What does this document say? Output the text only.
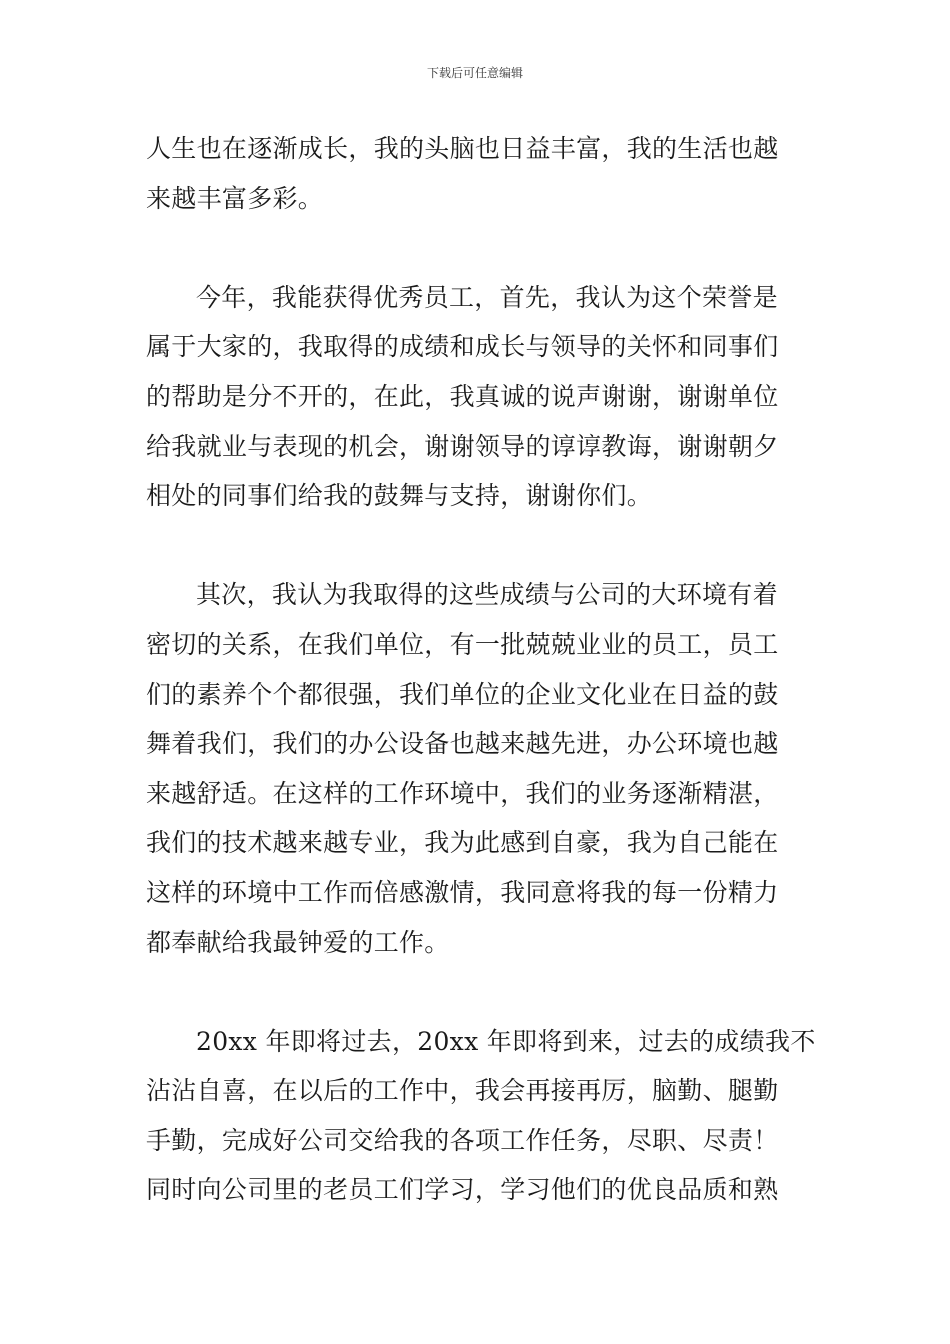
下载后可任意编辑
人生也在逐渐成长，我的头脑也日益丰富，我的生活也越
来越丰富多彩。
今年，我能获得优秀员工，首先，我认为这个荣誉是
属于大家的，我取得的成绩和成长与领导的关怀和同事们
的帮助是分不开的，在此，我真诚的说声谢谢，谢谢单位
给我就业与表现的机会，谢谢领导的谆谆教诲，谢谢朝夕
相处的同事们给我的鼓舞与支持，谢谢你们。
其次，我认为我取得的这些成绩与公司的大环境有着
密切的关系，在我们单位，有一批兢兢业业的员工，员工
们的素养个个都很强，我们单位的企业文化业在日益的鼓
舞着我们，我们的办公设备也越来越先进，办公环境也越
来越舒适。在这样的工作环境中，我们的业务逐渐精湛，
我们的技术越来越专业，我为此感到自豪，我为自己能在
这样的环境中工作而倍感激情，我同意将我的每一份精力
都奉献给我最钟爱的工作。
20xx 年即将过去，20xx 年即将到来，过去的成绩我不
沾沾自喜，在以后的工作中，我会再接再厉，脑勤、腿勤
手勤，完成好公司交给我的各项工作任务，尽职、尽责！
同时向公司里的老员工们学习，学习他们的优良品质和熟
